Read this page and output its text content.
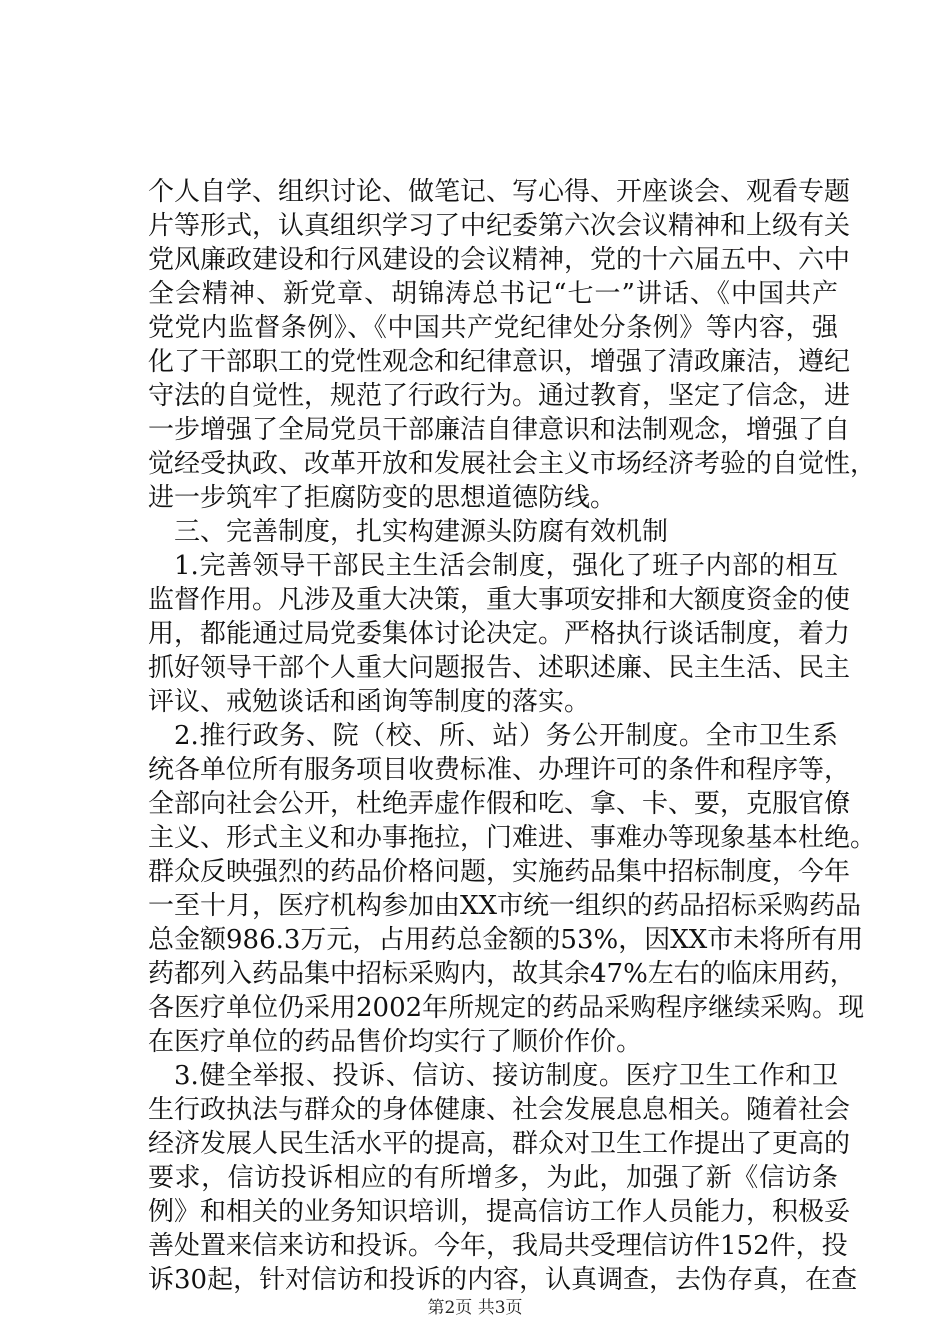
个人自学、组织讨论、做笔记、写心得、开座谈会、观看专题
片等形式，认真组织学习了中纪委第六次会议精神和上级有关
党风廉政建设和行风建设的会议精神，党的十六届五中、六中
全会精神、新党章、胡锦涛总书记“七一”讲话、《中国共产
党党内监督条例》、《中国共产党纪律处分条例》等内容，强
化了干部职工的党性观念和纪律意识，增强了清政廉洁，遵纪
守法的自觉性，规范了行政行为。通过教育，坚定了信念，进
一步增强了全局党员干部廉洁自律意识和法制观念，增强了自
觉经受执政、改革开放和发展社会主义市场经济考验的自觉性，
进一步筑牢了拒腐防变的思想道德防线。
三、完善制度，扎实构建源头防腐有效机制
1.完善领导干部民主生活会制度，强化了班子内部的相互
监督作用。凡涉及重大决策，重大事项安排和大额度资金的使
用，都能通过局党委集体讨论决定。严格执行谈话制度，着力
抓好领导干部个人重大问题报告、述职述廉、民主生活、民主
评议、戒勉谈话和函询等制度的落实。
2.推行政务、院（校、所、站）务公开制度。全市卫生系
统各单位所有服务项目收费标准、办理许可的条件和程序等，
全部向社会公开，杜绝弄虚作假和吃、拿、卡、要，克服官僚
主义、形式主义和办事拖拉，门难进、事难办等现象基本杜绝。
群众反映强烈的药品价格问题，实施药品集中招标制度，今年
一至十月，医疗机构参加由XX市统一组织的药品招标采购药品
总金额986.3万元，占用药总金额的53%，因XX市未将所有用
药都列入药品集中招标采购内，故其余47%左右的临床用药，
各医疗单位仍采用2002年所规定的药品采购程序继续采购。现
在医疗单位的药品售价均实行了顺价作价。
3.健全举报、投诉、信访、接访制度。医疗卫生工作和卫
生行政执法与群众的身体健康、社会发展息息相关。随着社会
经济发展人民生活水平的提高，群众对卫生工作提出了更高的
要求，信访投诉相应的有所增多，为此，加强了新《信访条
例》和相关的业务知识培训，提高信访工作人员能力，积极妥
善处置来信来访和投诉。今年，我局共受理信访件152件，投
诉30起，针对信访和投诉的内容，认真调查，去伪存真，在查
第2页 共3页
